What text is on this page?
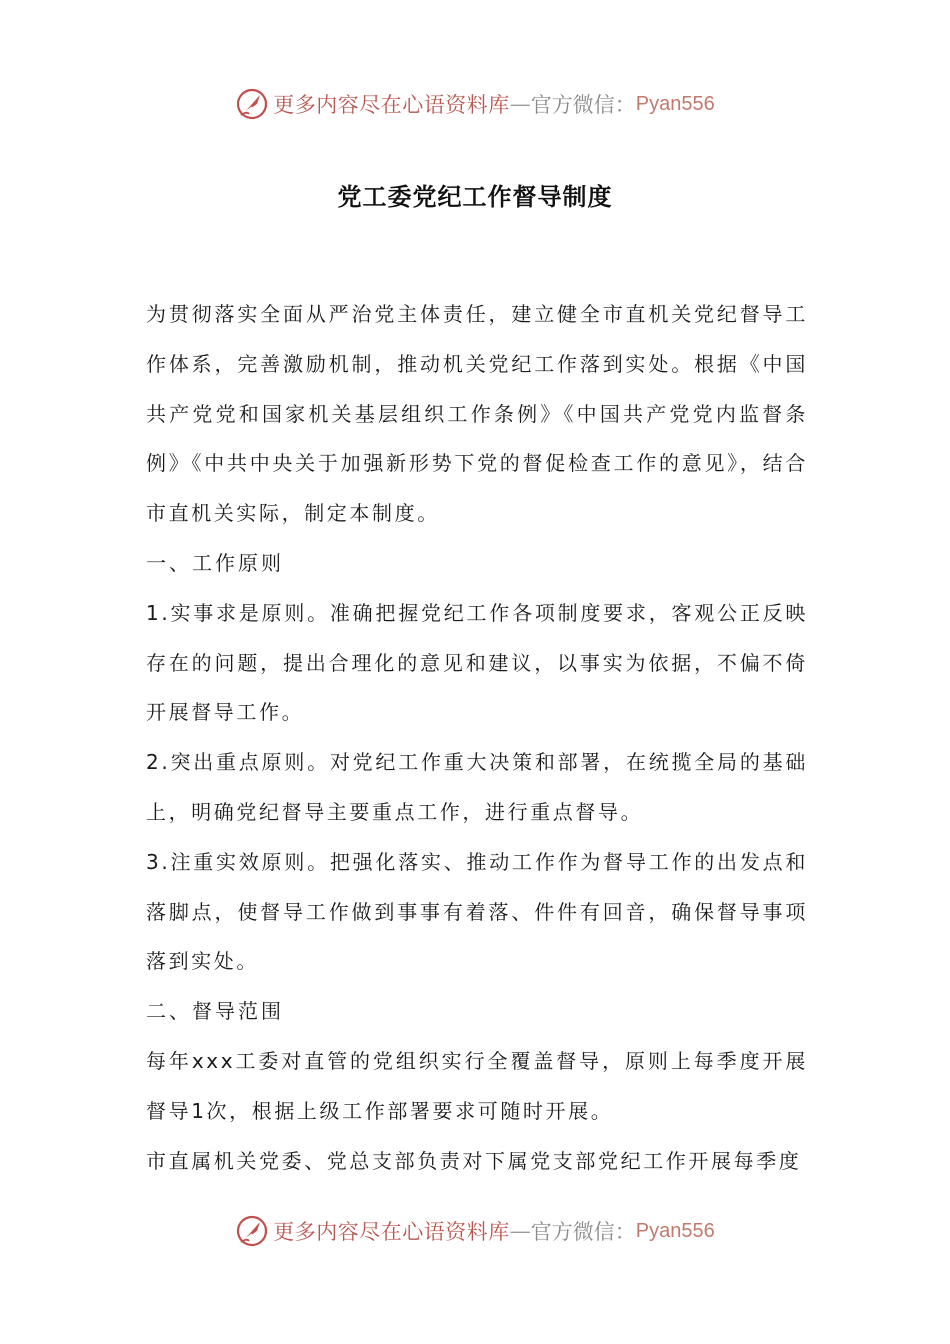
更多内容尽在心语资料库 — 官方微信： Pyan556
党工委党纪工作督导制度

为贯彻落实全面从严治党主体责任，建立健全市直机关党纪督导工作体系，完善激励机制，推动机关党纪工作落到实处。根据《中国共产党党和国家机关基层组织工作条例》《中国共产党党内监督条例》《中共中央关于加强新形势下党的督促检查工作的意见》，结合市直机关实际，制定本制度。

一、工作原则

1.实事求是原则。准确把握党纪工作各项制度要求，客观公正反映存在的问题，提出合理化的意见和建议，以事实为依据，不偏不倚开展督导工作。

2.突出重点原则。对党纪工作重大决策和部署，在统揽全局的基础上，明确党纪督导主要重点工作，进行重点督导。

3.注重实效原则。把强化落实、推动工作作为督导工作的出发点和落脚点，使督导工作做到事事有着落、件件有回音，确保督导事项落到实处。

二、督导范围

每年xxx工委对直管的党组织实行全覆盖督导，原则上每季度开展督导1次，根据上级工作部署要求可随时开展。

市直属机关党委、党总支部负责对下属党支部党纪工作开展每季度

更多内容尽在心语资料库 — 官方微信： Pyan556
